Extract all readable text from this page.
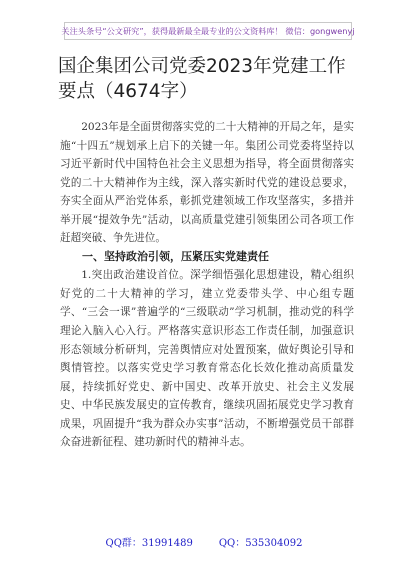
关注头条号“公文研究”，获得最新最全最专业的公文资料库！ 微信：gongwenyj
国企集团公司党委2023年党建工作要点（4674字）

2023年是全面贯彻落实党的二十大精神的开局之年，是实施“十四五”规划承上启下的关键一年。集团公司党委将坚持以习近平新时代中国特色社会主义思想为指导，将全面贯彻落实党的二十大精神作为主线，深入落实新时代党的建设总要求，夯实全面从严治党体系，彰抓党建领域工作攻坚落实，多措并举开展“提效争先”活动，以高质量党建引领集团公司各项工作赶超突破、争先进位。

一、坚持政治引领，压紧压实党建责任

1.突出政治建设首位。深学细悟强化思想建设，精心组织好党的二十大精神的学习，建立党委带头学、中心组专题学、“三会一课”普遍学的“三级联动”学习机制，推动党的科学理论入脑入心入行。严格落实意识形态工作责任制，加强意识形态领域分析研判，完善舆情应对处置预案，做好舆论引导和舆情管控。以落实党史学习教育常态化长效化推动高质量发展，持续抓好党史、新中国史、改革开放史、社会主义发展史、中华民族发展史的宣传教育，继续巩固拓展党史学习教育成果，巩固提升“我为群众办实事”活动，不断增强党员干部群众奋进新征程、建功新时代的精神斗志。

QQ群：31991489	QQ：535304092
